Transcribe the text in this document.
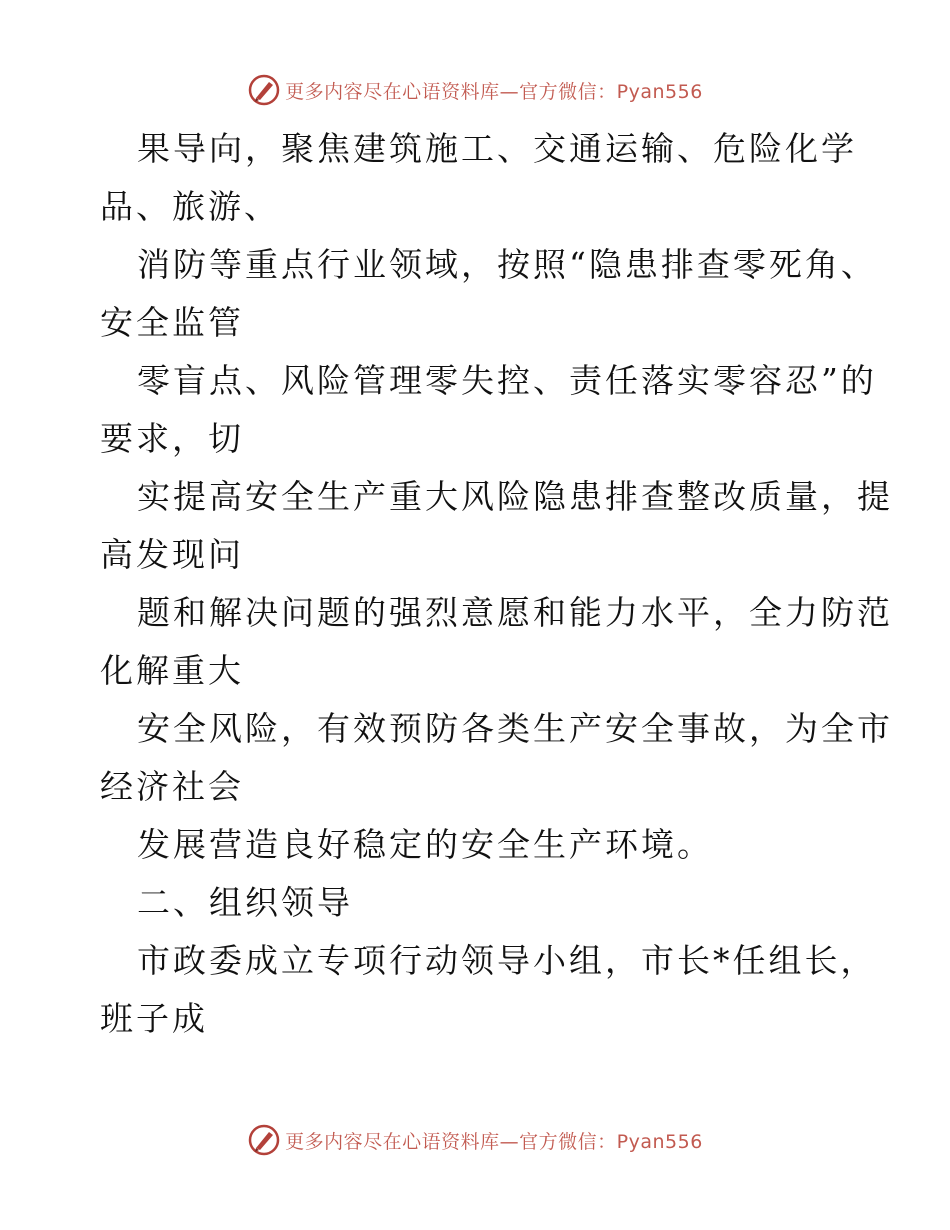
更多内容尽在心语资料库—官方微信：Pyan556
果导向，聚焦建筑施工、交通运输、危险化学
品、旅游、
消防等重点行业领域，按照“隐患排查零死角、
安全监管
零盲点、风险管理零失控、责任落实零容忍”的
要求，切
实提高安全生产重大风险隐患排查整改质量，提
高发现问
题和解决问题的强烈意愿和能力水平，全力防范
化解重大
安全风险，有效预防各类生产安全事故，为全市
经济社会
发展营造良好稳定的安全生产环境。
二、组织领导
市政委成立专项行动领导小组，市长*任组长，
班子成
更多内容尽在心语资料库—官方微信：Pyan556
